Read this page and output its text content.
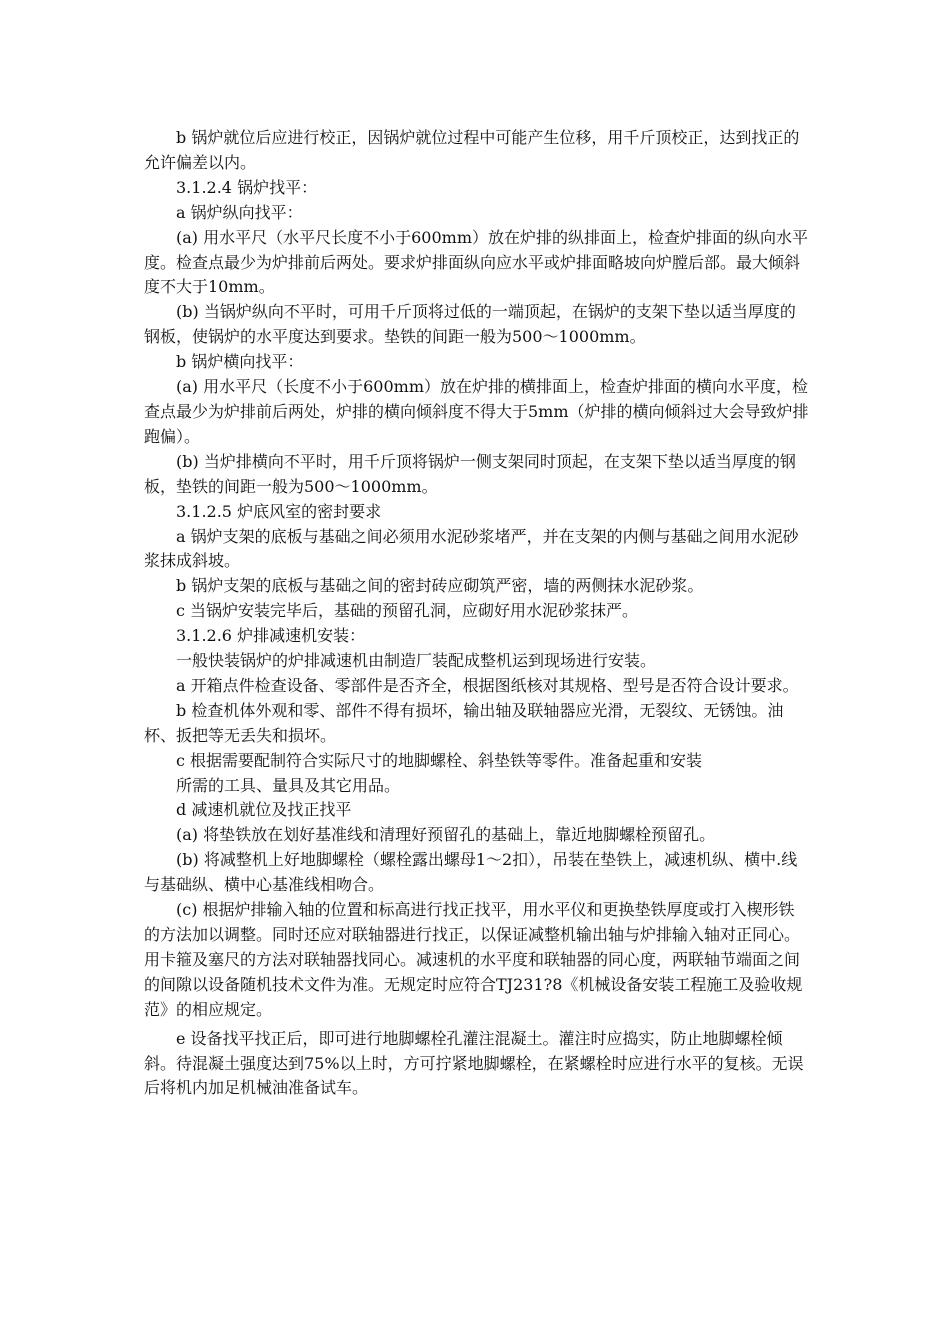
b 锅炉就位后应进行校正，因锅炉就位过程中可能产生位移，用千斤顶校正，达到找正的允许偏差以内。

3.1.2.4 锅炉找平：

a 锅炉纵向找平：

(a) 用水平尺（水平尺长度不小于600mm）放在炉排的纵排面上，检查炉排面的纵向水平度。检查点最少为炉排前后两处。要求炉排面纵向应水平或炉排面略坡向炉膛后部。最大倾斜度不大于10mm。

(b) 当锅炉纵向不平时，可用千斤顶将过低的一端顶起，在锅炉的支架下垫以适当厚度的钢板，使锅炉的水平度达到要求。垫铁的间距一般为500～1000mm。

b 锅炉横向找平：

(a) 用水平尺（长度不小于600mm）放在炉排的横排面上，检查炉排面的横向水平度，检查点最少为炉排前后两处，炉排的横向倾斜度不得大于5mm（炉排的横向倾斜过大会导致炉排跑偏）。

(b) 当炉排横向不平时，用千斤顶将锅炉一侧支架同时顶起，在支架下垫以适当厚度的钢板，垫铁的间距一般为500～1000mm。

3.1.2.5 炉底风室的密封要求

a 锅炉支架的底板与基础之间必须用水泥砂浆堵严，并在支架的内侧与基础之间用水泥砂浆抹成斜坡。

b 锅炉支架的底板与基础之间的密封砖应砌筑严密，墙的两侧抹水泥砂浆。

c 当锅炉安装完毕后，基础的预留孔洞，应砌好用水泥砂浆抹严。

3.1.2.6 炉排减速机安装：

一般快装锅炉的炉排减速机由制造厂装配成整机运到现场进行安装。

a 开箱点件检查设备、零部件是否齐全，根据图纸核对其规格、型号是否符合设计要求。

b 检查机体外观和零、部件不得有损坏，输出轴及联轴器应光滑，无裂纹、无锈蚀。油杯、扳把等无丢失和损坏。

c 根据需要配制符合实际尺寸的地脚螺栓、斜垫铁等零件。准备起重和安装

所需的工具、量具及其它用品。

d 减速机就位及找正找平

(a) 将垫铁放在划好基准线和清理好预留孔的基础上，靠近地脚螺栓预留孔。

(b) 将减整机上好地脚螺栓（螺栓露出螺母1～2扣），吊装在垫铁上，减速机纵、横中.线与基础纵、横中心基准线相吻合。

(c) 根据炉排输入轴的位置和标高进行找正找平，用水平仪和更换垫铁厚度或打入楔形铁的方法加以调整。同时还应对联轴器进行找正，以保证减整机输出轴与炉排输入轴对正同心。用卡箍及塞尺的方法对联轴器找同心。减速机的水平度和联轴器的同心度，两联轴节端面之间的间隙以设备随机技术文件为准。无规定时应符合TJ231?8《机械设备安装工程施工及验收规范》的相应规定。

e 设备找平找正后，即可进行地脚螺栓孔灌注混凝土。灌注时应捣实，防止地脚螺栓倾斜。待混凝土强度达到75%以上时，方可拧紧地脚螺栓，在紧螺栓时应进行水平的复核。无误后将机内加足机械油准备试车。
